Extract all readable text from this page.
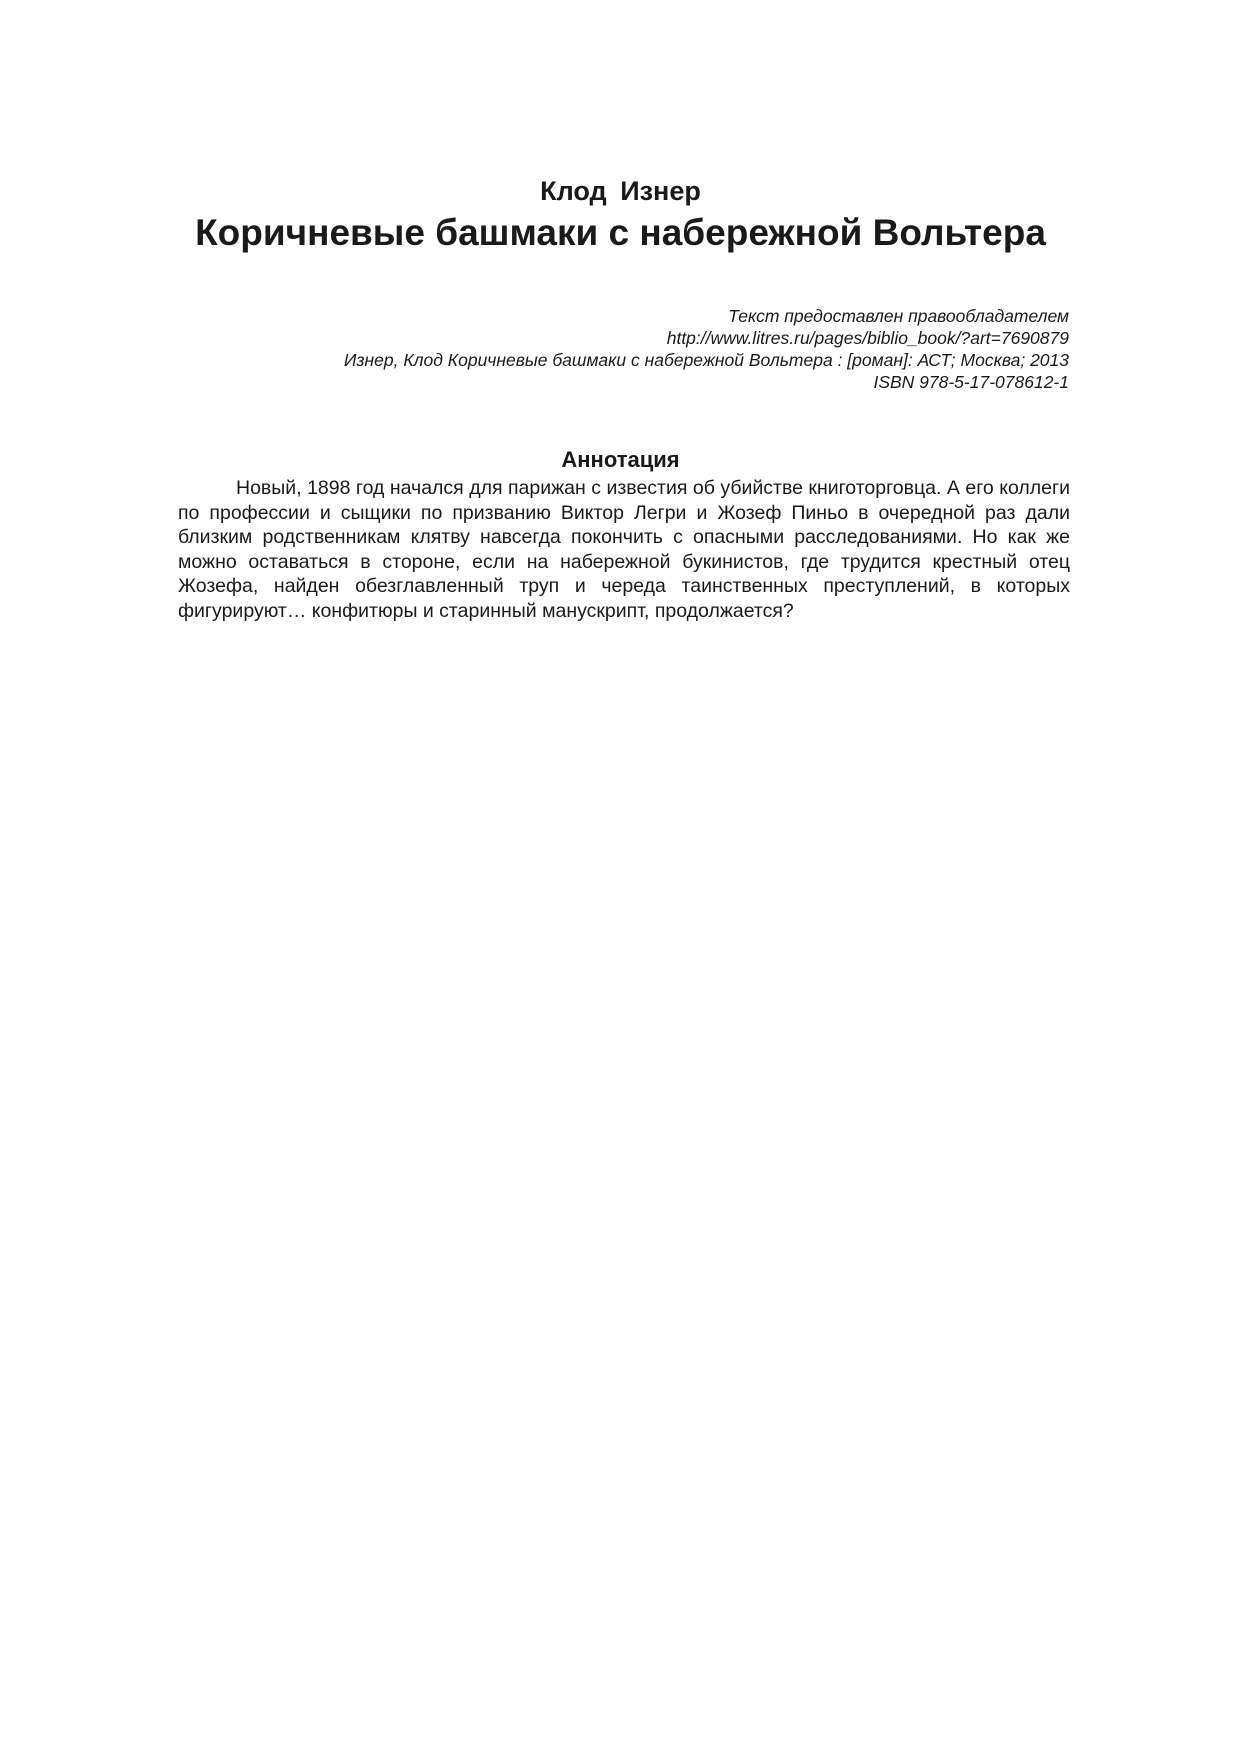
Клод Изнер
Коричневые башмаки с набережной Вольтера
Текст предоставлен правообладателем
http://www.litres.ru/pages/biblio_book/?art=7690879
Изнер, Клод Коричневые башмаки с набережной Вольтера : [роман]: АСТ; Москва; 2013
ISBN 978-5-17-078612-1
Аннотация

Новый, 1898 год начался для парижан с известия об убийстве книготорговца. А его коллеги по профессии и сыщики по призванию Виктор Легри и Жозеф Пиньо в очередной раз дали близким родственникам клятву навсегда покончить с опасными расследованиями. Но как же можно оставаться в стороне, если на набережной букинистов, где трудится крестный отец Жозефа, найден обезглавленный труп и череда таинственных преступлений, в которых фигурируют… конфитюры и старинный манускрипт, продолжается?
